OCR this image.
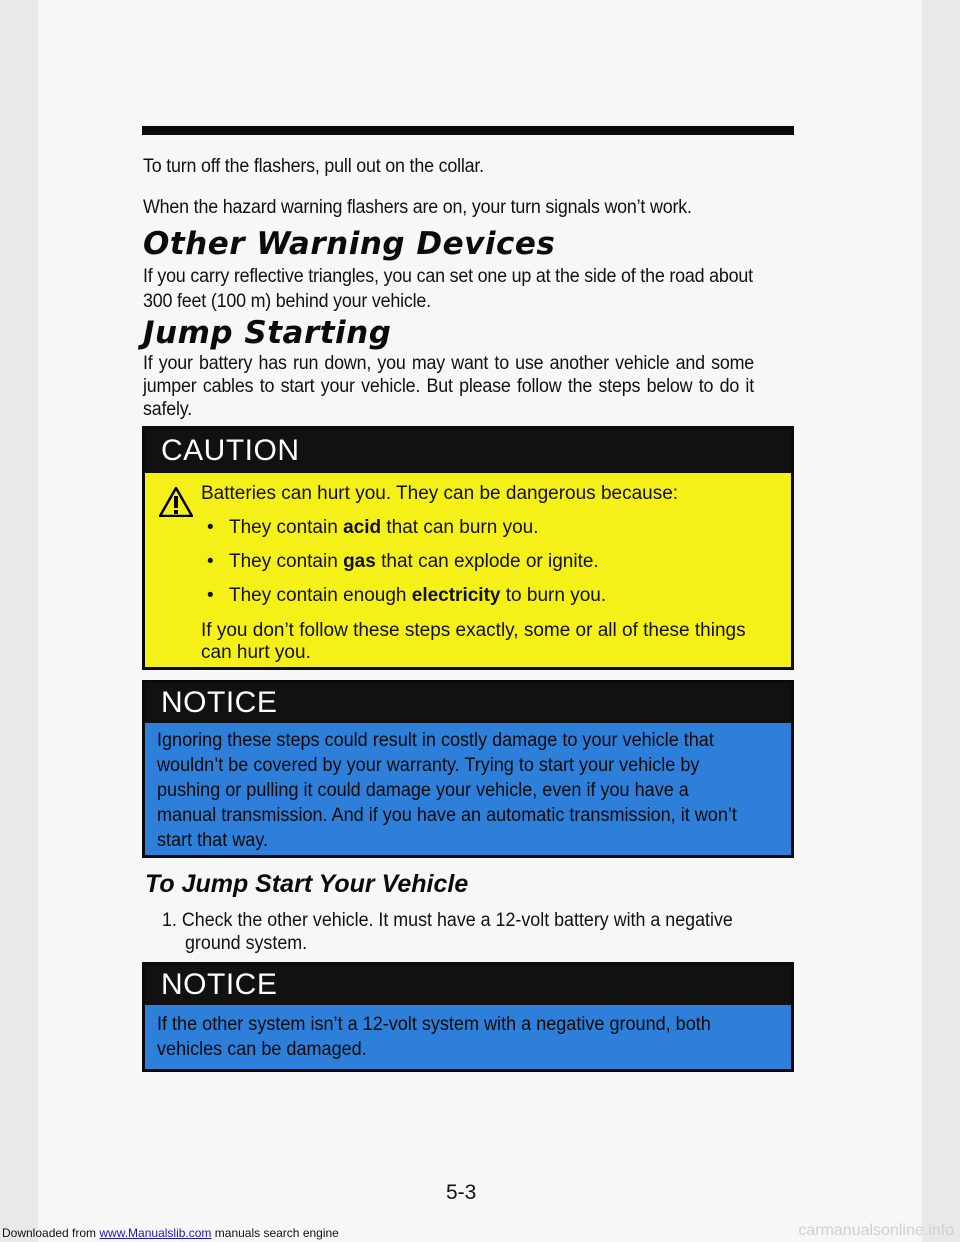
To turn off the flashers, pull out on the collar.
When the hazard warning flashers are on, your turn signals won’t work.
Other Warning Devices
If you carry reflective triangles, you can set one up at the side of the road about 300 feet (100 m) behind your vehicle.
Jump Starting
If your battery has run down, you may want to use another vehicle and some jumper cables to start your vehicle. But please follow the steps below to do it safely.
CAUTION
Batteries can hurt you. They can be dangerous because:
• They contain acid that can burn you.
• They contain gas that can explode or ignite.
• They contain enough electricity to burn you.
If you don’t follow these steps exactly, some or all of these things
can hurt you.
NOTICE
Ignoring these steps could result in costly damage to your vehicle that
wouldn’t be covered by your warranty. Trying to start your vehicle by
pushing or pulling it could damage your vehicle, even if you have a
manual transmission. And if you have an automatic transmission, it won’t
start that way.
To Jump Start Your Vehicle
1. Check the other vehicle. It must have a 12-volt battery with a negative
ground system.
NOTICE
If the other system isn’t a 12-volt system with a negative ground, both
vehicles can be damaged.
5-3
Downloaded from www.Manualslib.com manuals search engine	carmanualsonline.info
